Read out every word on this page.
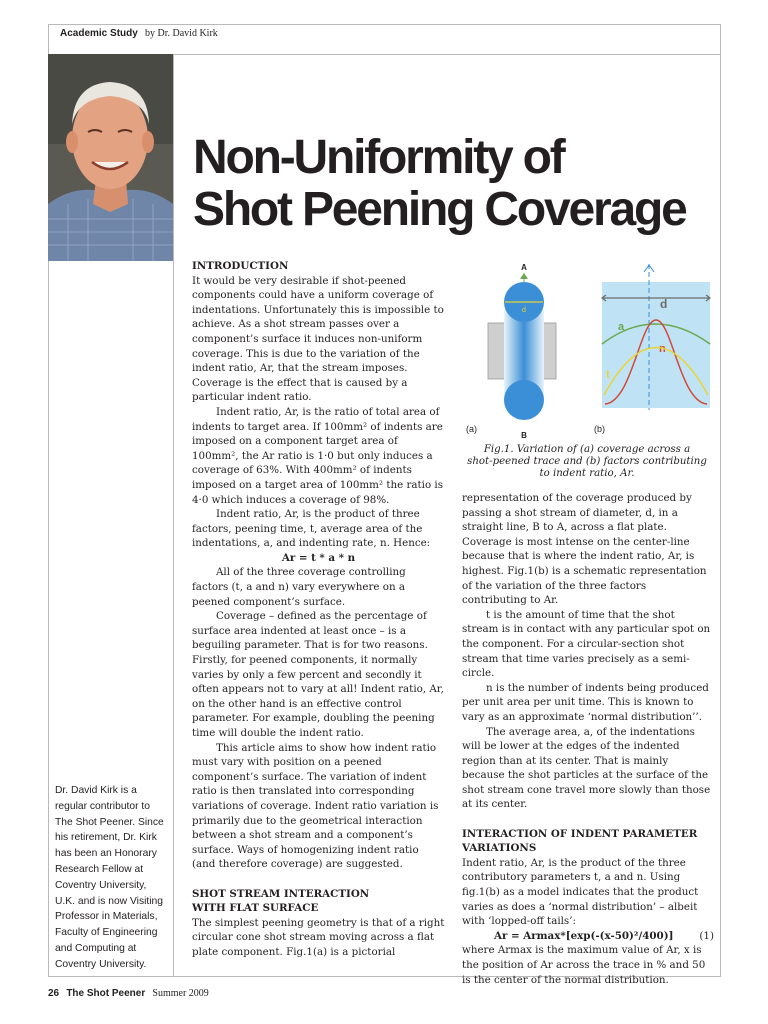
Academic Study by Dr. David Kirk
Non-Uniformity of
Shot Peening Coverage
Dr. David Kirk is a regular contributor to The Shot Peener. Since his retirement, Dr. Kirk has been an Honorary Research Fellow at Coventry University, U.K. and is now Visiting Professor in Materials, Faculty of Engineering and Computing at Coventry University.

INTRODUCTION

It would be very desirable if shot-peened components could have a uniform coverage of indentations. Unfortunately this is impossible to achieve. As a shot stream passes over a component’s surface it induces non-uniform coverage. This is due to the variation of the indent ratio, Ar, that the stream imposes. Coverage is the effect that is caused by a particular indent ratio.

Indent ratio, Ar, is the ratio of total area of indents to target area. If 100mm² of indents are imposed on a component target area of 100mm², the Ar ratio is 1·0 but only induces a coverage of 63%. With 400mm² of indents imposed on a target area of 100mm² the ratio is 4·0 which induces a coverage of 98%.

Indent ratio, Ar, is the product of three factors, peening time, t, average area of the indentations, a, and indenting rate, n. Hence:

Ar = t * a * n

All of the three coverage controlling factors (t, a and n) vary everywhere on a peened component’s surface.

Coverage – defined as the percentage of surface area indented at least once – is a beguiling parameter. That is for two reasons. Firstly, for peened components, it normally varies by only a few percent and secondly it often appears not to vary at all! Indent ratio, Ar, on the other hand is an effective control parameter. For example, doubling the peening time will double the indent ratio.

This article aims to show how indent ratio must vary with position on a peened component’s surface. The variation of indent ratio is then translated into corresponding variations of coverage. Indent ratio variation is primarily due to the geometrical interaction between a shot stream and a component’s surface. Ways of homogenizing indent ratio (and therefore coverage) are suggested.

SHOT STREAM INTERACTION
WITH FLAT SURFACE

The simplest peening geometry is that of a right circular cone shot stream moving across a flat plate component. Fig.1(a) is a pictorial

A
d
B
(a)
d
a
n
t
(b)
Fig.1. Variation of (a) coverage across a
shot-peened trace and (b) factors contributing
to indent ratio, Ar.

representation of the coverage produced by passing a shot stream of diameter, d, in a straight line, B to A, across a flat plate. Coverage is most intense on the center-line because that is where the indent ratio, Ar, is highest. Fig.1(b) is a schematic representation of the variation of the three factors contributing to Ar.

t is the amount of time that the shot stream is in contact with any particular spot on the component. For a circular-section shot stream that time varies precisely as a semi-circle.

n is the number of indents being produced per unit area per unit time. This is known to vary as an approximate ‘normal distribution’’.

The average area, a, of the indentations will be lower at the edges of the indented region than at its center. That is mainly because the shot particles at the surface of the shot stream cone travel more slowly than those at its center.

INTERACTION OF INDENT PARAMETER
VARIATIONS

Indent ratio, Ar, is the product of the three contributory parameters t, a and n. Using fig.1(b) as a model indicates that the product varies as does a ‘normal distribution’ – albeit with ‘lopped-off tails’:

Ar = Armax*[exp(-(x-50)²/400)]	(1)

where Armax is the maximum value of Ar, x is the position of Ar across the trace in % and 50 is the center of the normal distribution.

26 The Shot Peener Summer 2009
